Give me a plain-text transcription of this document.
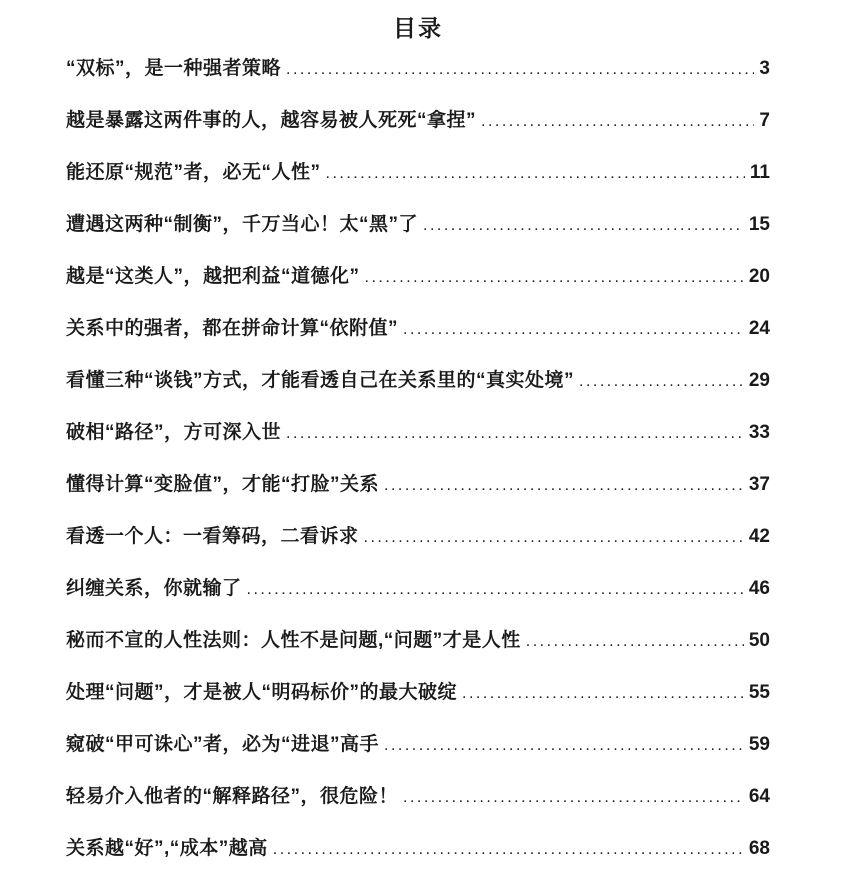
目录
“双标”，是一种强者策略 .....	3
越是暴露这两件事的人，越容易被人死死“拿捏” .....	7
能还原“规范”者，必无“人性” .....	11
遭遇这两种“制衡”，千万当心！太“黑”了 .....	15
越是“这类人”，越把利益“道德化” .....	20
关系中的强者，都在拼命计算“依附值” .....	24
看懂三种“谈钱”方式，才能看透自己在关系里的“真实处境” .....	29
破相“路径”，方可深入世 .....	33
懂得计算“变脸值”，才能“打脸”关系 .....	37
看透一个人：一看筹码，二看诉求 .....	42
纠缠关系，你就输了 .....	46
秘而不宣的人性法则：人性不是问题,“问题”才是人性 .....	50
处理“问题”，才是被人“明码标价”的最大破绽 .....	55
窥破“甲可诛心”者，必为“进退”高手 .....	59
轻易介入他者的“解释路径”，很危险！ .....	64
关系越“好”,“成本”越高 .....	68
